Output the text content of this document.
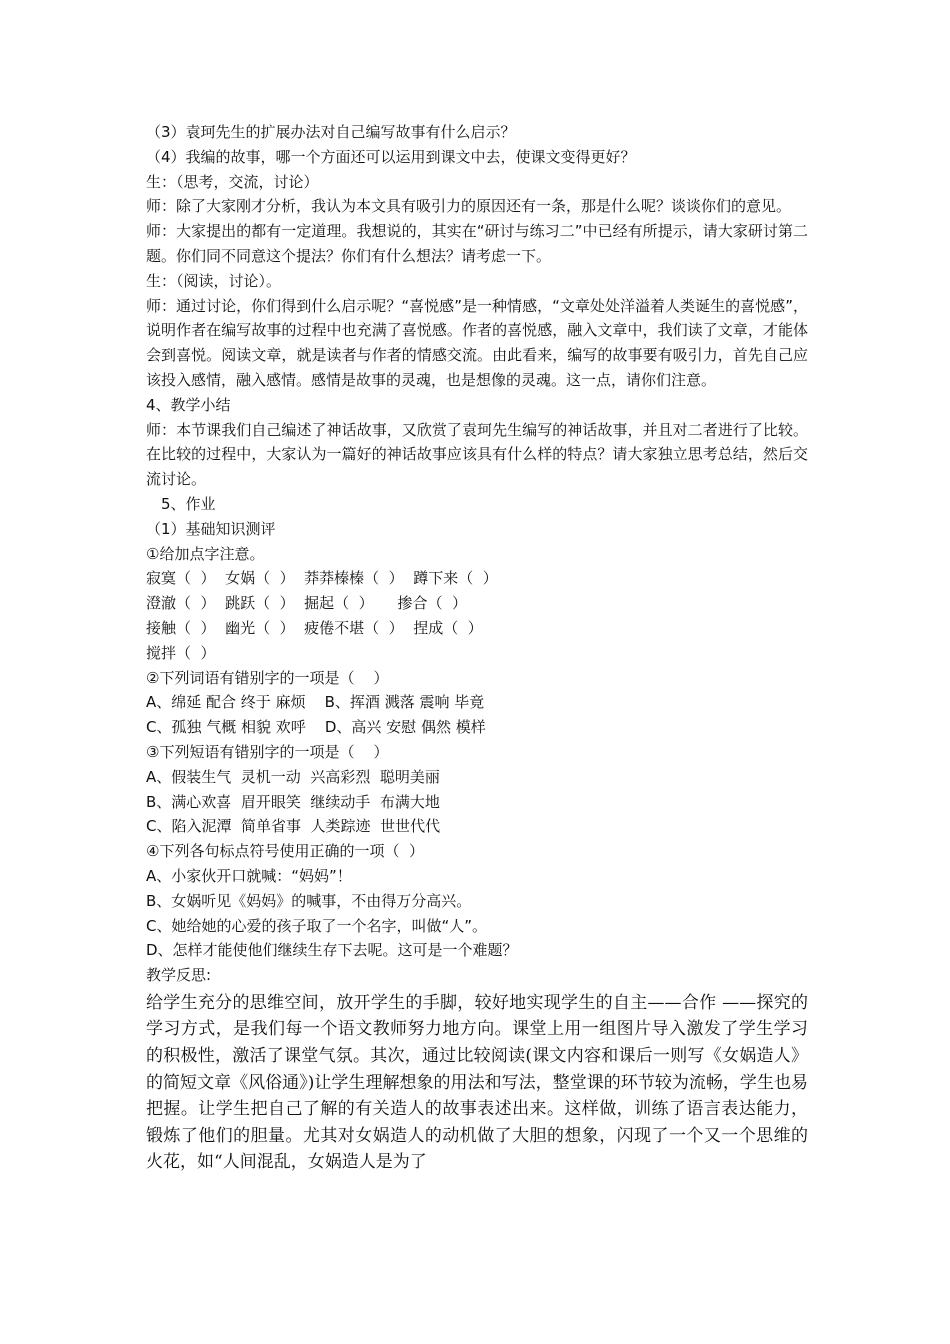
（3）袁珂先生的扩展办法对自己编写故事有什么启示？
（4）我编的故事，哪一个方面还可以运用到课文中去，使课文变得更好？
生：（思考，交流，讨论）
师：除了大家刚才分析，我认为本文具有吸引力的原因还有一条，那是什么呢？谈谈你们的意见。
师：大家提出的都有一定道理。我想说的，其实在“研讨与练习二”中已经有所提示，请大家研讨第二题。你们同不同意这个提法？你们有什么想法？请考虑一下。
生：（阅读，讨论）。
师：通过讨论，你们得到什么启示呢？“喜悦感”是一种情感，“文章处处洋溢着人类诞生的喜悦感”，说明作者在编写故事的过程中也充满了喜悦感。作者的喜悦感，融入文章中，我们读了文章，才能体会到喜悦。阅读文章，就是读者与作者的情感交流。由此看来，编写的故事要有吸引力，首先自己应该投入感情，融入感情。感情是故事的灵魂，也是想像的灵魂。这一点，请你们注意。
4、教学小结
师：本节课我们自己编述了神话故事，又欣赏了袁珂先生编写的神话故事，并且对二者进行了比较。在比较的过程中，大家认为一篇好的神话故事应该具有什么样的特点？请大家独立思考总结，然后交流讨论。
5、作业
（1）基础知识测评
①给加点字注意。
寂寞（  ）  女娲（  ）  莽莽榛榛（  ）  蹲下来（  ）
澄澈（  ）  跳跃（  ）  掘起（  ）     掺合（  ）
接触（  ）  幽光（  ）  疲倦不堪（  ）  捏成（  ）
搅拌（  ）
②下列词语有错别字的一项是（    ）
A、绵延 配合 终于 麻烦    B、挥酒 溅落 震响 毕竟
C、孤独 气概 相貌 欢呼    D、高兴 安慰 偶然 模样
③下列短语有错别字的一项是（    ）
A、假装生气  灵机一动  兴高彩烈  聪明美丽
B、满心欢喜  眉开眼笑  继续动手  布满大地
C、陷入泥潭  简单省事  人类踪迹  世世代代
④下列各句标点符号使用正确的一项（  ）
A、小家伙开口就喊：“妈妈”！
B、女娲听见《妈妈》的喊事，不由得万分高兴。
C、她给她的心爱的孩子取了一个名字，叫做“人”。
D、怎样才能使他们继续生存下去呢。这可是一个难题？
教学反思:
给学生充分的思维空间，放开学生的手脚，较好地实现学生的自主——合作 ——探究的学习方式，是我们每一个语文教师努力地方向。课堂上用一组图片导入激发了学生学习的积极性，激活了课堂气氛。其次，通过比较阅读(课文内容和课后一则写《女娲造人》的简短文章《风俗通》)让学生理解想象的用法和写法，整堂课的环节较为流畅，学生也易把握。让学生把自己了解的有关造人的故事表述出来。这样做，训练了语言表达能力，锻炼了他们的胆量。尤其对女娲造人的动机做了大胆的想象，闪现了一个又一个思维的火花，如“人间混乱，女娲造人是为了
